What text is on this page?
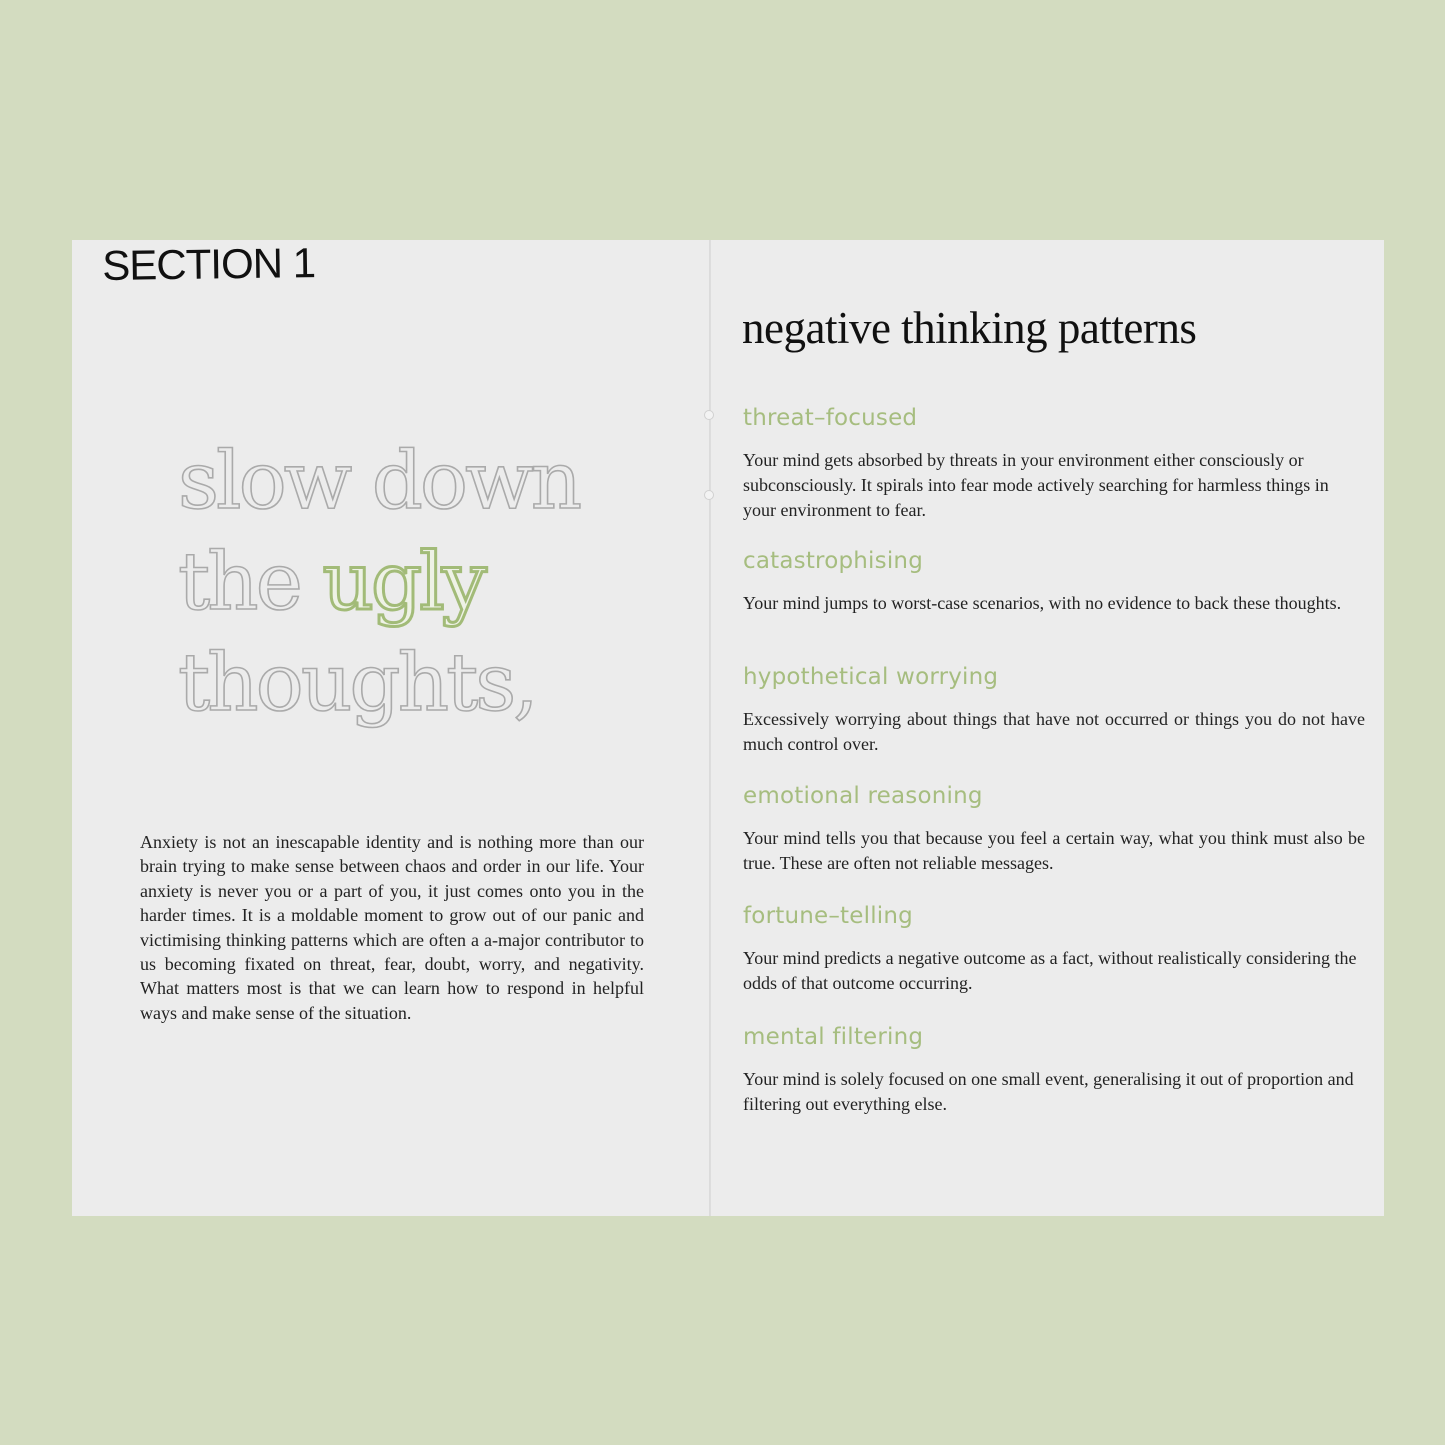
SECTION 1
slow down
the ugly
thoughts,

Anxiety is not an inescapable identity and is nothing more than our brain trying to make sense between chaos and order in our life. Your anxiety is never you or a part of you, it just comes onto you in the harder times. It is a moldable moment to grow out of our panic and victimising thinking patterns which are often a a-major contributor to us becoming fixated on threat, fear, doubt, worry, and negativity. What matters most is that we can learn how to respond in helpful ways and make sense of the situation.

negative thinking patterns
threat–focused

Your mind gets absorbed by threats in your environment either consciously or subconsciously. It spirals into fear mode actively searching for harmless things in your environment to fear.

catastrophising

Your mind jumps to worst-case scenarios, with no evidence to back these thoughts.

hypothetical worrying

Excessively worrying about things that have not occurred or things you do not have much control over.

emotional reasoning

Your mind tells you that because you feel a certain way, what you think must also be true. These are often not reliable messages.

fortune–telling

Your mind predicts a negative outcome as a fact, without realistically considering the odds of that outcome occurring.

mental filtering

Your mind is solely focused on one small event, generalising it out of proportion and filtering out everything else.
